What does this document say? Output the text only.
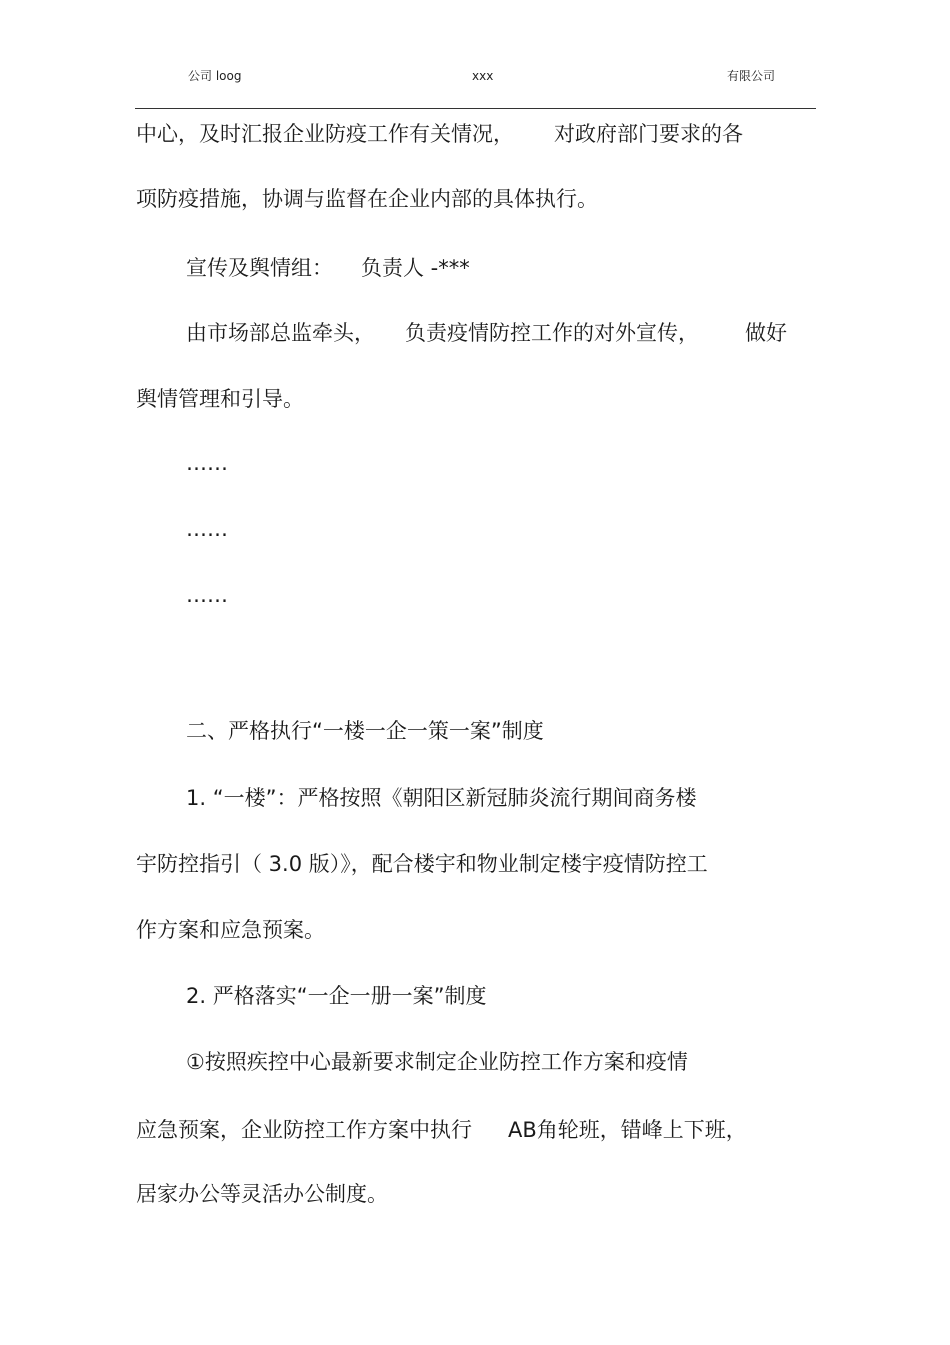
公司 loog	xxx	有限公司
中心，及时汇报企业防疫工作有关情况， 对政府部门要求的各
项防疫措施，协调与监督在企业内部的具体执行。
宣传及舆情组： 负责人 -***
由市场部总监牵头， 负责疫情防控工作的对外宣传， 做好
舆情管理和引导。
……
……
……
二、严格执行“一楼一企一策一案”制度
1. “一楼”：严格按照《朝阳区新冠肺炎流行期间商务楼
宇防控指引（ 3.0 版）》，配合楼宇和物业制定楼宇疫情防控工
作方案和应急预案。
2. 严格落实“一企一册一案”制度
①按照疾控中心最新要求制定企业防控工作方案和疫情
应急预案，企业防控工作方案中执行 AB角轮班，错峰上下班，
居家办公等灵活办公制度。
